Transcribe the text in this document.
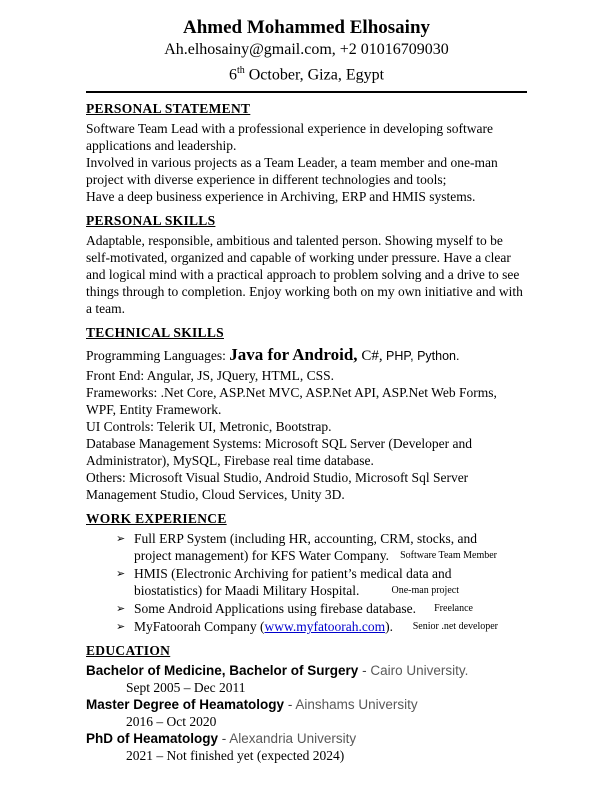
Ahmed Mohammed Elhosainy
Ah.elhosainy@gmail.com, +2 01016709030
6th October, Giza, Egypt
PERSONAL STATEMENT

Software Team Lead with a professional experience in developing software applications and leadership.

Involved in various projects as a Team Leader, a team member and one-man project with diverse experience in different technologies and tools;

Have a deep business experience in Archiving, ERP and HMIS systems.

PERSONAL SKILLS

Adaptable, responsible, ambitious and talented person. Showing myself to be self-motivated, organized and capable of working under pressure. Have a clear and logical mind with a practical approach to problem solving and a drive to see things through to completion. Enjoy working both on my own initiative and with a team.

TECHNICAL SKILLS
Programming Languages: Java for Android, C#, PHP, Python.
Front End: Angular, JS, JQuery, HTML, CSS.
Frameworks: .Net Core, ASP.Net MVC, ASP.Net API, ASP.Net Web Forms, WPF, Entity Framework.
UI Controls: Telerik UI, Metronic, Bootstrap.
Database Management Systems: Microsoft SQL Server (Developer and Administrator), MySQL, Firebase real time database.
Others: Microsoft Visual Studio, Android Studio, Microsoft Sql Server Management Studio, Cloud Services, Unity 3D.
WORK EXPERIENCE
➢ Full ERP System (including HR, accounting, CRM, stocks, and project management) for KFS Water Company. Software Team Member
➢ HMIS (Electronic Archiving for patient’s medical data and biostatistics) for Maadi Military Hospital.	One-man project
➢ Some Android Applications using firebase database. Freelance
➢ MyFatoorah Company (www.myfatoorah.com). Senior .net developer
EDUCATION
Bachelor of Medicine, Bachelor of Surgery - Cairo University.
Sept 2005 – Dec 2011
Master Degree of Heamatology - Ainshams University
2016 – Oct 2020
PhD of Heamatology - Alexandria University
2021 – Not finished yet (expected 2024)
